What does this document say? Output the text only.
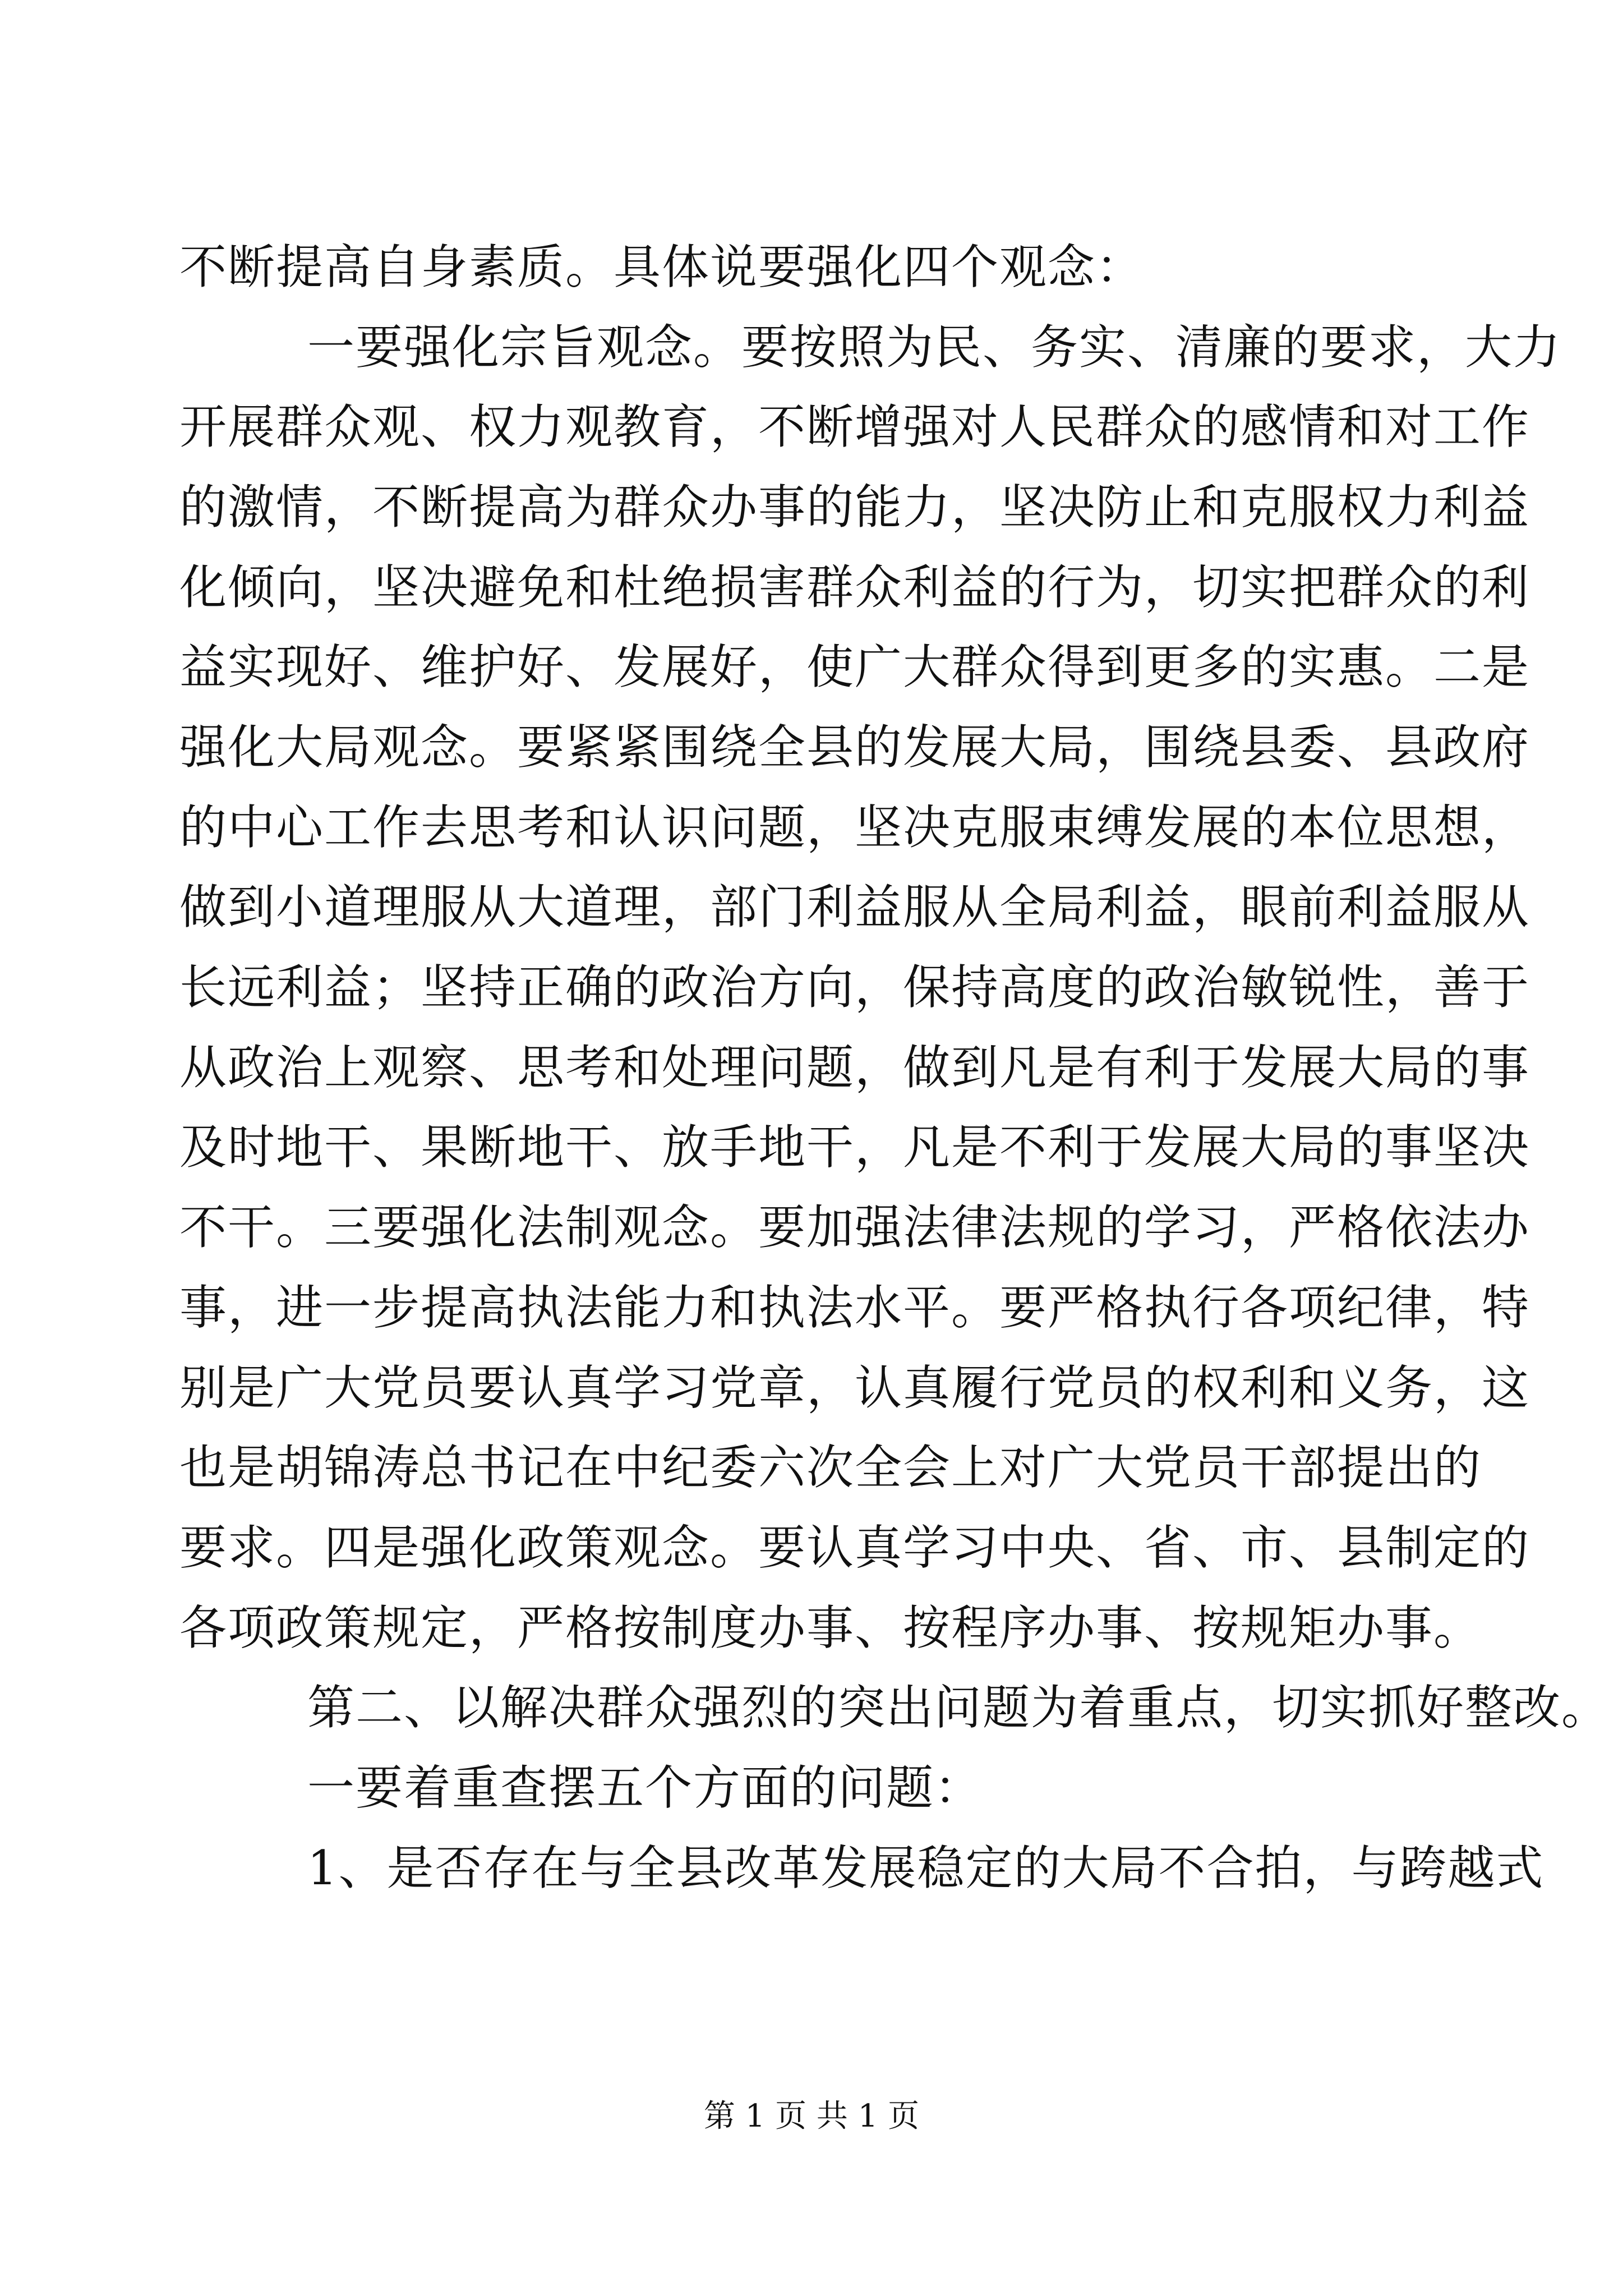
不断提高自身素质。具体说要强化四个观念：
一要强化宗旨观念。要按照为民、务实、清廉的要求，大力
开展群众观、权力观教育，不断增强对人民群众的感情和对工作
的激情，不断提高为群众办事的能力，坚决防止和克服权力利益
化倾向，坚决避免和杜绝损害群众利益的行为，切实把群众的利
益实现好、维护好、发展好，使广大群众得到更多的实惠。二是
强化大局观念。要紧紧围绕全县的发展大局，围绕县委、县政府
的中心工作去思考和认识问题，坚决克服束缚发展的本位思想，
做到小道理服从大道理，部门利益服从全局利益，眼前利益服从
长远利益；坚持正确的政治方向，保持高度的政治敏锐性，善于
从政治上观察、思考和处理问题，做到凡是有利于发展大局的事
及时地干、果断地干、放手地干，凡是不利于发展大局的事坚决
不干。三要强化法制观念。要加强法律法规的学习，严格依法办
事，进一步提高执法能力和执法水平。要严格执行各项纪律，特
别是广大党员要认真学习党章，认真履行党员的权利和义务，这
也是胡锦涛总书记在中纪委六次全会上对广大党员干部提出的
要求。四是强化政策观念。要认真学习中央、省、市、县制定的
各项政策规定，严格按制度办事、按程序办事、按规矩办事。
第二、以解决群众强烈的突出问题为着重点，切实抓好整改。
一要着重查摆五个方面的问题：
1、是否存在与全县改革发展稳定的大局不合拍，与跨越式
第 1 页 共 1 页
